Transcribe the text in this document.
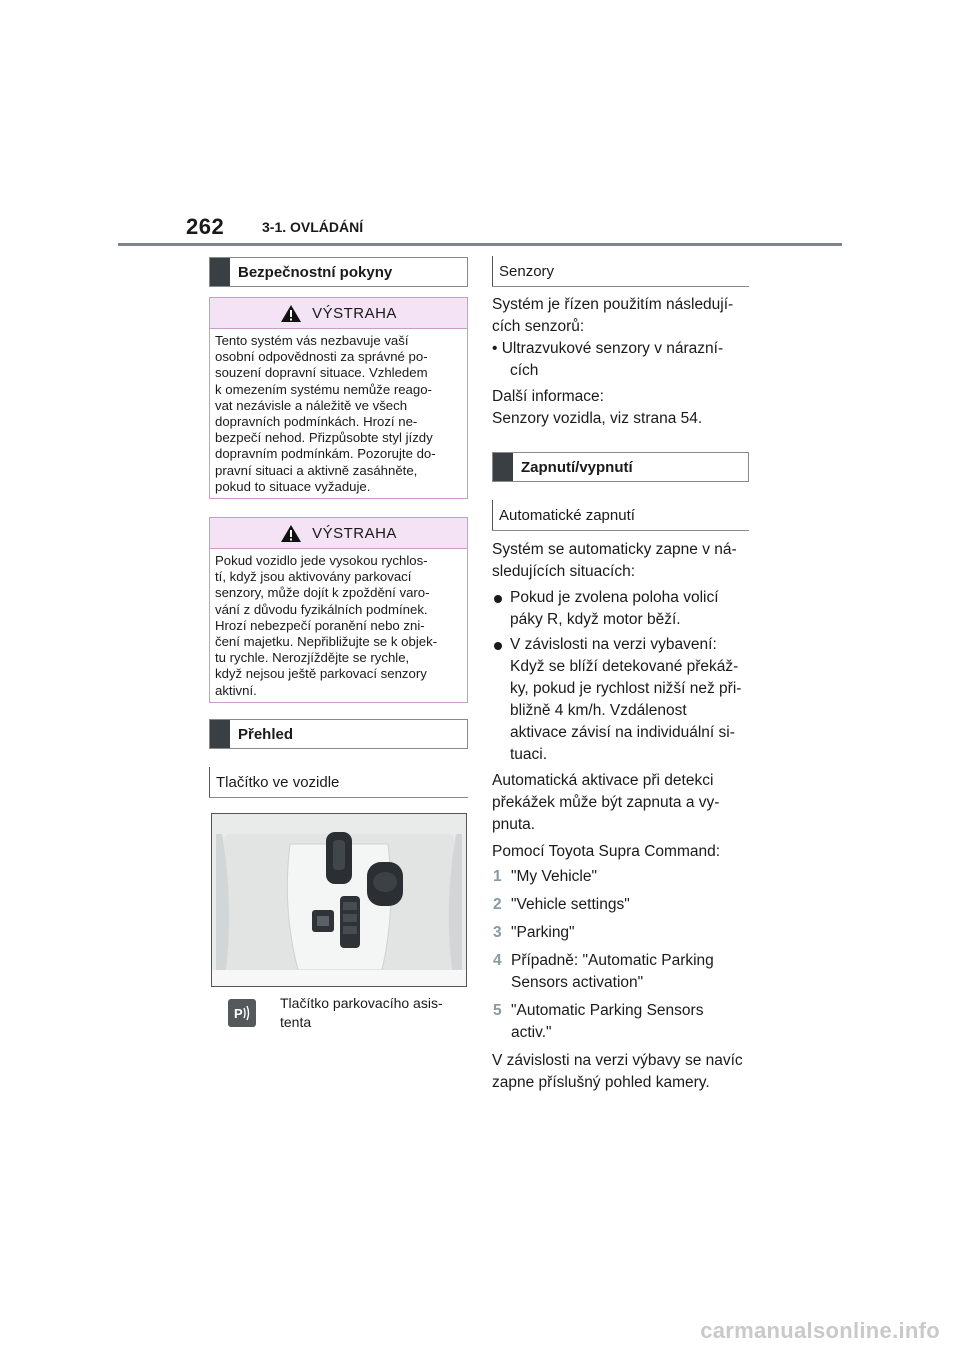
262	3-1. OVLÁDÁNÍ
Bezpečnostní pokyny
VÝSTRAHA
Tento systém vás nezbavuje vaší
osobní odpovědnosti za správné po-
souzení dopravní situace. Vzhledem
k omezením systému nemůže reago-
vat nezávisle a náležitě ve všech
dopravních podmínkách. Hrozí ne-
bezpečí nehod. Přizpůsobte styl jízdy
dopravním podmínkám. Pozorujte do-
pravní situaci a aktivně zasáhněte,
pokud to situace vyžaduje.
VÝSTRAHA
Pokud vozidlo jede vysokou rychlos-
tí, když jsou aktivovány parkovací
senzory, může dojít k zpoždění varo-
vání z důvodu fyzikálních podmínek.
Hrozí nebezpečí poranění nebo zni-
čení majetku. Nepřibližujte se k objek-
tu rychle. Nerozjíždějte se rychle,
když nejsou ještě parkovací senzory
aktivní.
Přehled
Tlačítko ve vozidle
P
Tlačítko parkovacího asis-
tenta
Senzory
Systém je řízen použitím následují-
cích senzorů:
• Ultrazvukové senzory v nárazní-
cích
Další informace:
Senzory vozidla, viz strana 54.
Zapnutí/vypnutí
Automatické zapnutí
Systém se automaticky zapne v ná-
sledujících situacích:
Pokud je zvolena poloha volicí
páky R, když motor běží.
V závislosti na verzi vybavení:
Když se blíží detekované překáž-
ky, pokud je rychlost nižší než při-
bližně 4 km/h. Vzdálenost
aktivace závisí na individuální si-
tuaci.
Automatická aktivace při detekci
překážek může být zapnuta a vy-
pnuta.
Pomocí Toyota Supra Command:
1 "My Vehicle"
2 "Vehicle settings"
3 "Parking"
4 Případně: "Automatic Parking
Sensors activation"
5 "Automatic Parking Sensors
activ."
V závislosti na verzi výbavy se navíc
zapne příslušný pohled kamery.
carmanualsonline.info
